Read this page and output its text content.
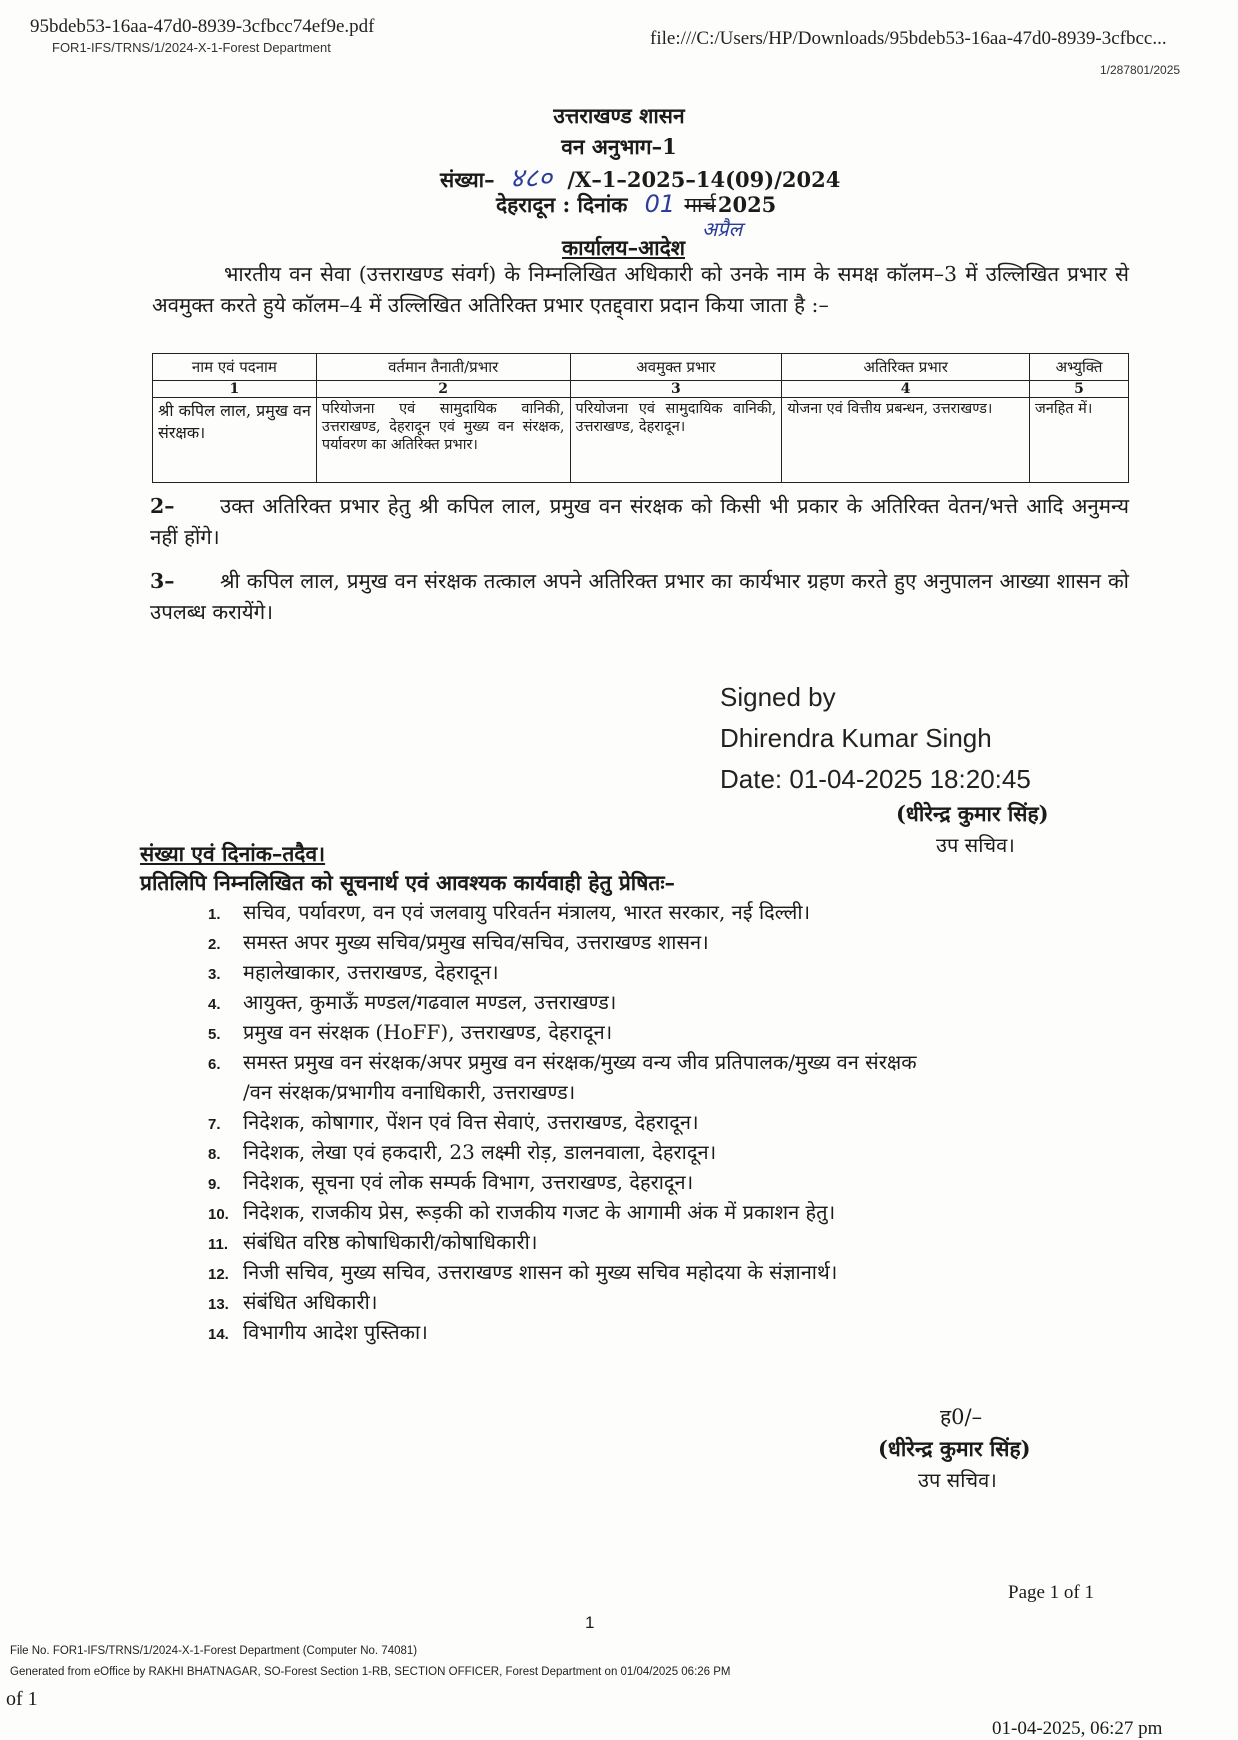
95bdeb53-16aa-47d0-8939-3cfbcc74ef9e.pdf
FOR1-IFS/TRNS/1/2024-X-1-Forest Department	file:///C:/Users/HP/Downloads/95bdeb53-16aa-47d0-8939-3cfbcc...
1/287801/2025
उत्तराखण्ड शासन
वन अनुभाग–1
संख्या– ४८० /X–1–2025–14(09)/2024
देहरादून : दिनांक 01 मार्च2025
अप्रैल
कार्यालय–आदेश
भारतीय वन सेवा (उत्तराखण्ड संवर्ग) के निम्नलिखित अधिकारी को उनके नाम के समक्ष कॉलम–3 में उल्लिखित प्रभार से अवमुक्त करते हुये कॉलम–4 में उल्लिखित अतिरिक्त प्रभार एतद्द्वारा प्रदान किया जाता है :–
नाम एवं पदनाम	वर्तमान तैनाती/प्रभार	अवमुक्त प्रभार	अतिरिक्त प्रभार	अभ्युक्ति
1	2	3	4	5
श्री कपिल लाल, प्रमुख वन संरक्षक।	परियोजना एवं सामुदायिक वानिकी, उत्तराखण्ड, देहरादून एवं मुख्य वन संरक्षक, पर्यावरण का अतिरिक्त प्रभार।	परियोजना एवं सामुदायिक वानिकी, उत्तराखण्ड, देहरादून।	योजना एवं वित्तीय प्रबन्धन, उत्तराखण्ड।	जनहित में।
2– उक्त अतिरिक्त प्रभार हेतु श्री कपिल लाल, प्रमुख वन संरक्षक को किसी भी प्रकार के अतिरिक्त वेतन/भत्ते आदि अनुमन्य नहीं होंगे।
3– श्री कपिल लाल, प्रमुख वन संरक्षक तत्काल अपने अतिरिक्त प्रभार का कार्यभार ग्रहण करते हुए अनुपालन आख्या शासन को उपलब्ध करायेंगे।
Signed by
Dhirendra Kumar Singh
Date: 01-04-2025 18:20:45
(धीरेन्द्र कुमार सिंह)
उप सचिव।
संख्या एवं दिनांक–तदैव।
प्रतिलिपि निम्नलिखित को सूचनार्थ एवं आवश्यक कार्यवाही हेतु प्रेषितः–
1. सचिव, पर्यावरण, वन एवं जलवायु परिवर्तन मंत्रालय, भारत सरकार, नई दिल्ली।
2. समस्त अपर मुख्य सचिव/प्रमुख सचिव/सचिव, उत्तराखण्ड शासन।
3. महालेखाकार, उत्तराखण्ड, देहरादून।
4. आयुक्त, कुमाऊँ मण्डल/गढवाल मण्डल, उत्तराखण्ड।
5. प्रमुख वन संरक्षक (HoFF), उत्तराखण्ड, देहरादून।
6. समस्त प्रमुख वन संरक्षक/अपर प्रमुख वन संरक्षक/मुख्य वन्य जीव प्रतिपालक/मुख्य वन संरक्षक
/वन संरक्षक/प्रभागीय वनाधिकारी, उत्तराखण्ड।
7. निदेशक, कोषागार, पेंशन एवं वित्त सेवाएं, उत्तराखण्ड, देहरादून।
8. निदेशक, लेखा एवं हकदारी, 23 लक्ष्मी रोड़, डालनवाला, देहरादून।
9. निदेशक, सूचना एवं लोक सम्पर्क विभाग, उत्तराखण्ड, देहरादून।
10. निदेशक, राजकीय प्रेस, रूड़की को राजकीय गजट के आगामी अंक में प्रकाशन हेतु।
11. संबंधित वरिष्ठ कोषाधिकारी/कोषाधिकारी।
12. निजी सचिव, मुख्य सचिव, उत्तराखण्ड शासन को मुख्य सचिव महोदया के संज्ञानार्थ।
13. संबंधित अधिकारी।
14. विभागीय आदेश पुस्तिका।
ह0/–
(धीरेन्द्र कुमार सिंह)
उप सचिव।
Page 1 of 1
1
File No. FOR1-IFS/TRNS/1/2024-X-1-Forest Department (Computer No. 74081)
Generated from eOffice by RAKHI BHATNAGAR, SO-Forest Section 1-RB, SECTION OFFICER, Forest Department on 01/04/2025 06:26 PM
of 1
01-04-2025, 06:27 pm
